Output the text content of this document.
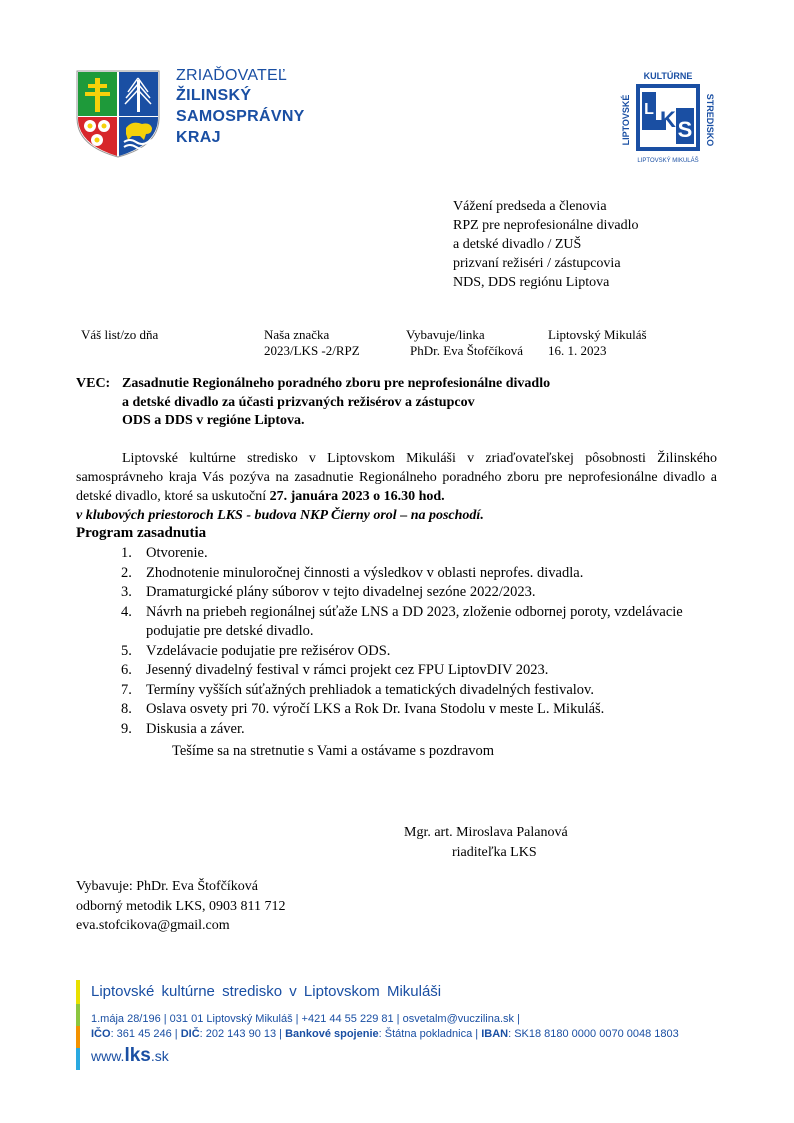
ZRIAĎOVATEĽ
ŽILINSKÝ
SAMOSPRÁVNY
KRAJ
KULTÚRNE
LIPTOVSKÉ	STREDISKO
K S
L
LIPTOVSKÝ MIKULÁŠ
Vážení predseda a členovia
RPZ pre neprofesionálne divadlo
a detské divadlo / ZUŠ
prizvaní režiséri / zástupcovia
NDS, DDS regiónu Liptova
Váš list/zo dňa	Naša značka
2023/LKS -2/RPZ
Vybavuje/linka
PhDr. Eva Štofčíková
Liptovský Mikuláš
16. 1. 2023
VEC: Zasadnutie Regionálneho poradného zboru pre neprofesionálne divadlo
a detské divadlo za účasti prizvaných režisérov a zástupcov
ODS a DDS v regióne Liptova.
Liptovské kultúrne stredisko v Liptovskom Mikuláši v zriaďovateľskej pôsobnosti Žilinského samosprávneho kraja Vás pozýva na zasadnutie Regionálneho poradného zboru pre neprofesionálne divadlo a detské divadlo, ktoré sa uskutoční 27. januára 2023 o 16.30 hod.
v klubových priestoroch LKS - budova NKP Čierny orol – na poschodí.
Program zasadnutia
1. Otvorenie.
2. Zhodnotenie minuloročnej činnosti a výsledkov v oblasti neprofes. divadla.
3. Dramaturgické plány súborov v tejto divadelnej sezóne 2022/2023.
4. Návrh na priebeh regionálnej súťaže LNS a DD 2023, zloženie odbornej poroty, vzdelávacie podujatie pre detské divadlo.
5. Vzdelávacie podujatie pre režisérov ODS.
6. Jesenný divadelný festival v rámci projekt cez FPU LiptovDIV 2023.
7. Termíny vyšších súťažných prehliadok a tematických divadelných festivalov.
8. Oslava osvety pri 70. výročí LKS a Rok Dr. Ivana Stodolu v meste L. Mikuláš.
9. Diskusia a záver.
Tešíme sa na stretnutie s Vami a ostávame s pozdravom
Mgr. art. Miroslava Palanová
riaditeľka LKS
Vybavuje: PhDr. Eva Štofčíková
odborný metodik LKS, 0903 811 712
eva.stofcikova@gmail.com
Liptovské kultúrne stredisko v Liptovskom Mikuláši
1.mája 28/196 | 031 01 Liptovský Mikuláš | +421 44 55 229 81 | osvetalm@vuczilina.sk |
IČO: 361 45 246 | DIČ: 202 143 90 13 | Bankové spojenie: Štátna pokladnica | IBAN: SK18 8180 0000 0070 0048 1803
www.lks.sk
